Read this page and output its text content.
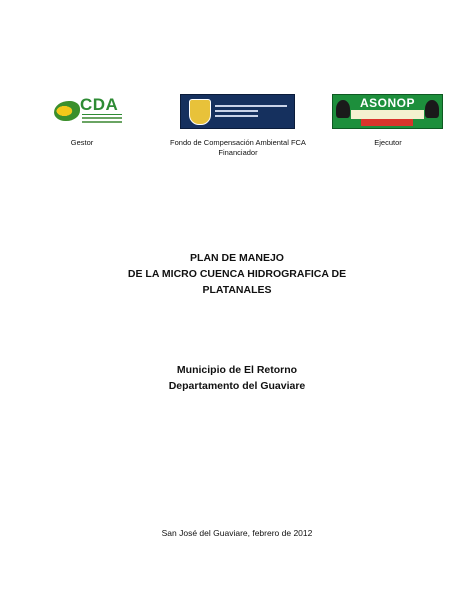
CDA	ASONOP
Gestor	Fondo de Compensación Ambiental FCA
Financiador
Ejecutor
PLAN DE MANEJO
DE LA MICRO CUENCA HIDROGRAFICA DE
PLATANALES
Municipio de El Retorno
Departamento del Guaviare
San José del Guaviare, febrero de 2012
